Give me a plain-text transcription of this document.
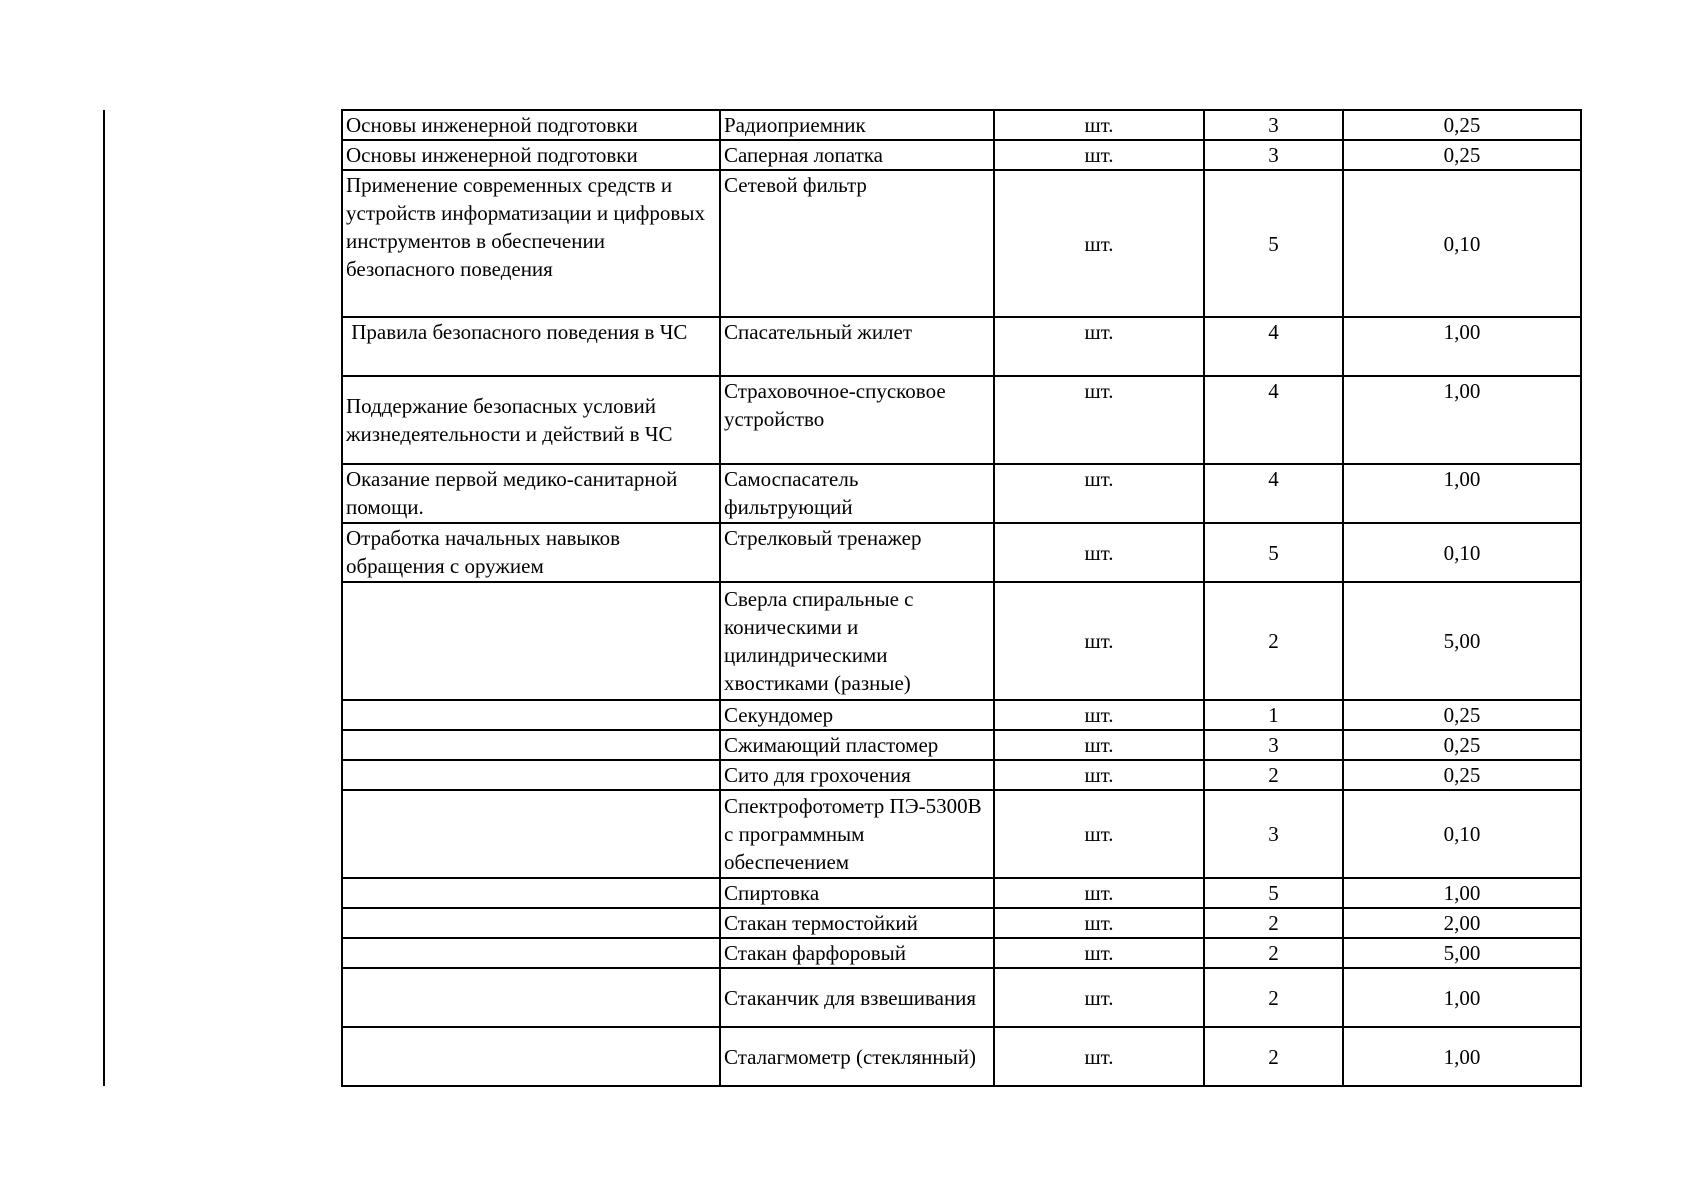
Основы инженерной подготовки	Радиоприемник	шт.	3	0,25
Основы инженерной подготовки	Саперная лопатка	шт.	3	0,25
Применение современных средств и устройств информатизации и цифровых инструментов в обеспечении безопасного поведения	Сетевой фильтр	шт.	5	0,10
Правила безопасного поведения в ЧС	Спасательный жилет	шт.	4	1,00
Поддержание безопасных условий жизнедеятельности и действий в ЧС	Страховочное-спусковое устройство	шт.	4	1,00
Оказание первой медико-санитарной помощи.	Самоспасатель фильтрующий	шт.	4	1,00
Отработка начальных навыков обращения с оружием	Стрелковый тренажер	шт.	5	0,10
	Сверла спиральные с коническими и цилиндрическими хвостиками (разные)	шт.	2	5,00
	Секундомер	шт.	1	0,25
	Сжимающий пластомер	шт.	3	0,25
	Сито для грохочения	шт.	2	0,25
	Спектрофотометр ПЭ-5300В с программным обеспечением	шт.	3	0,10
	Спиртовка	шт.	5	1,00
	Стакан термостойкий	шт.	2	2,00
	Стакан фарфоровый	шт.	2	5,00
	Стаканчик для взвешивания	шт.	2	1,00
	Сталагмометр (стеклянный)	шт.	2	1,00
